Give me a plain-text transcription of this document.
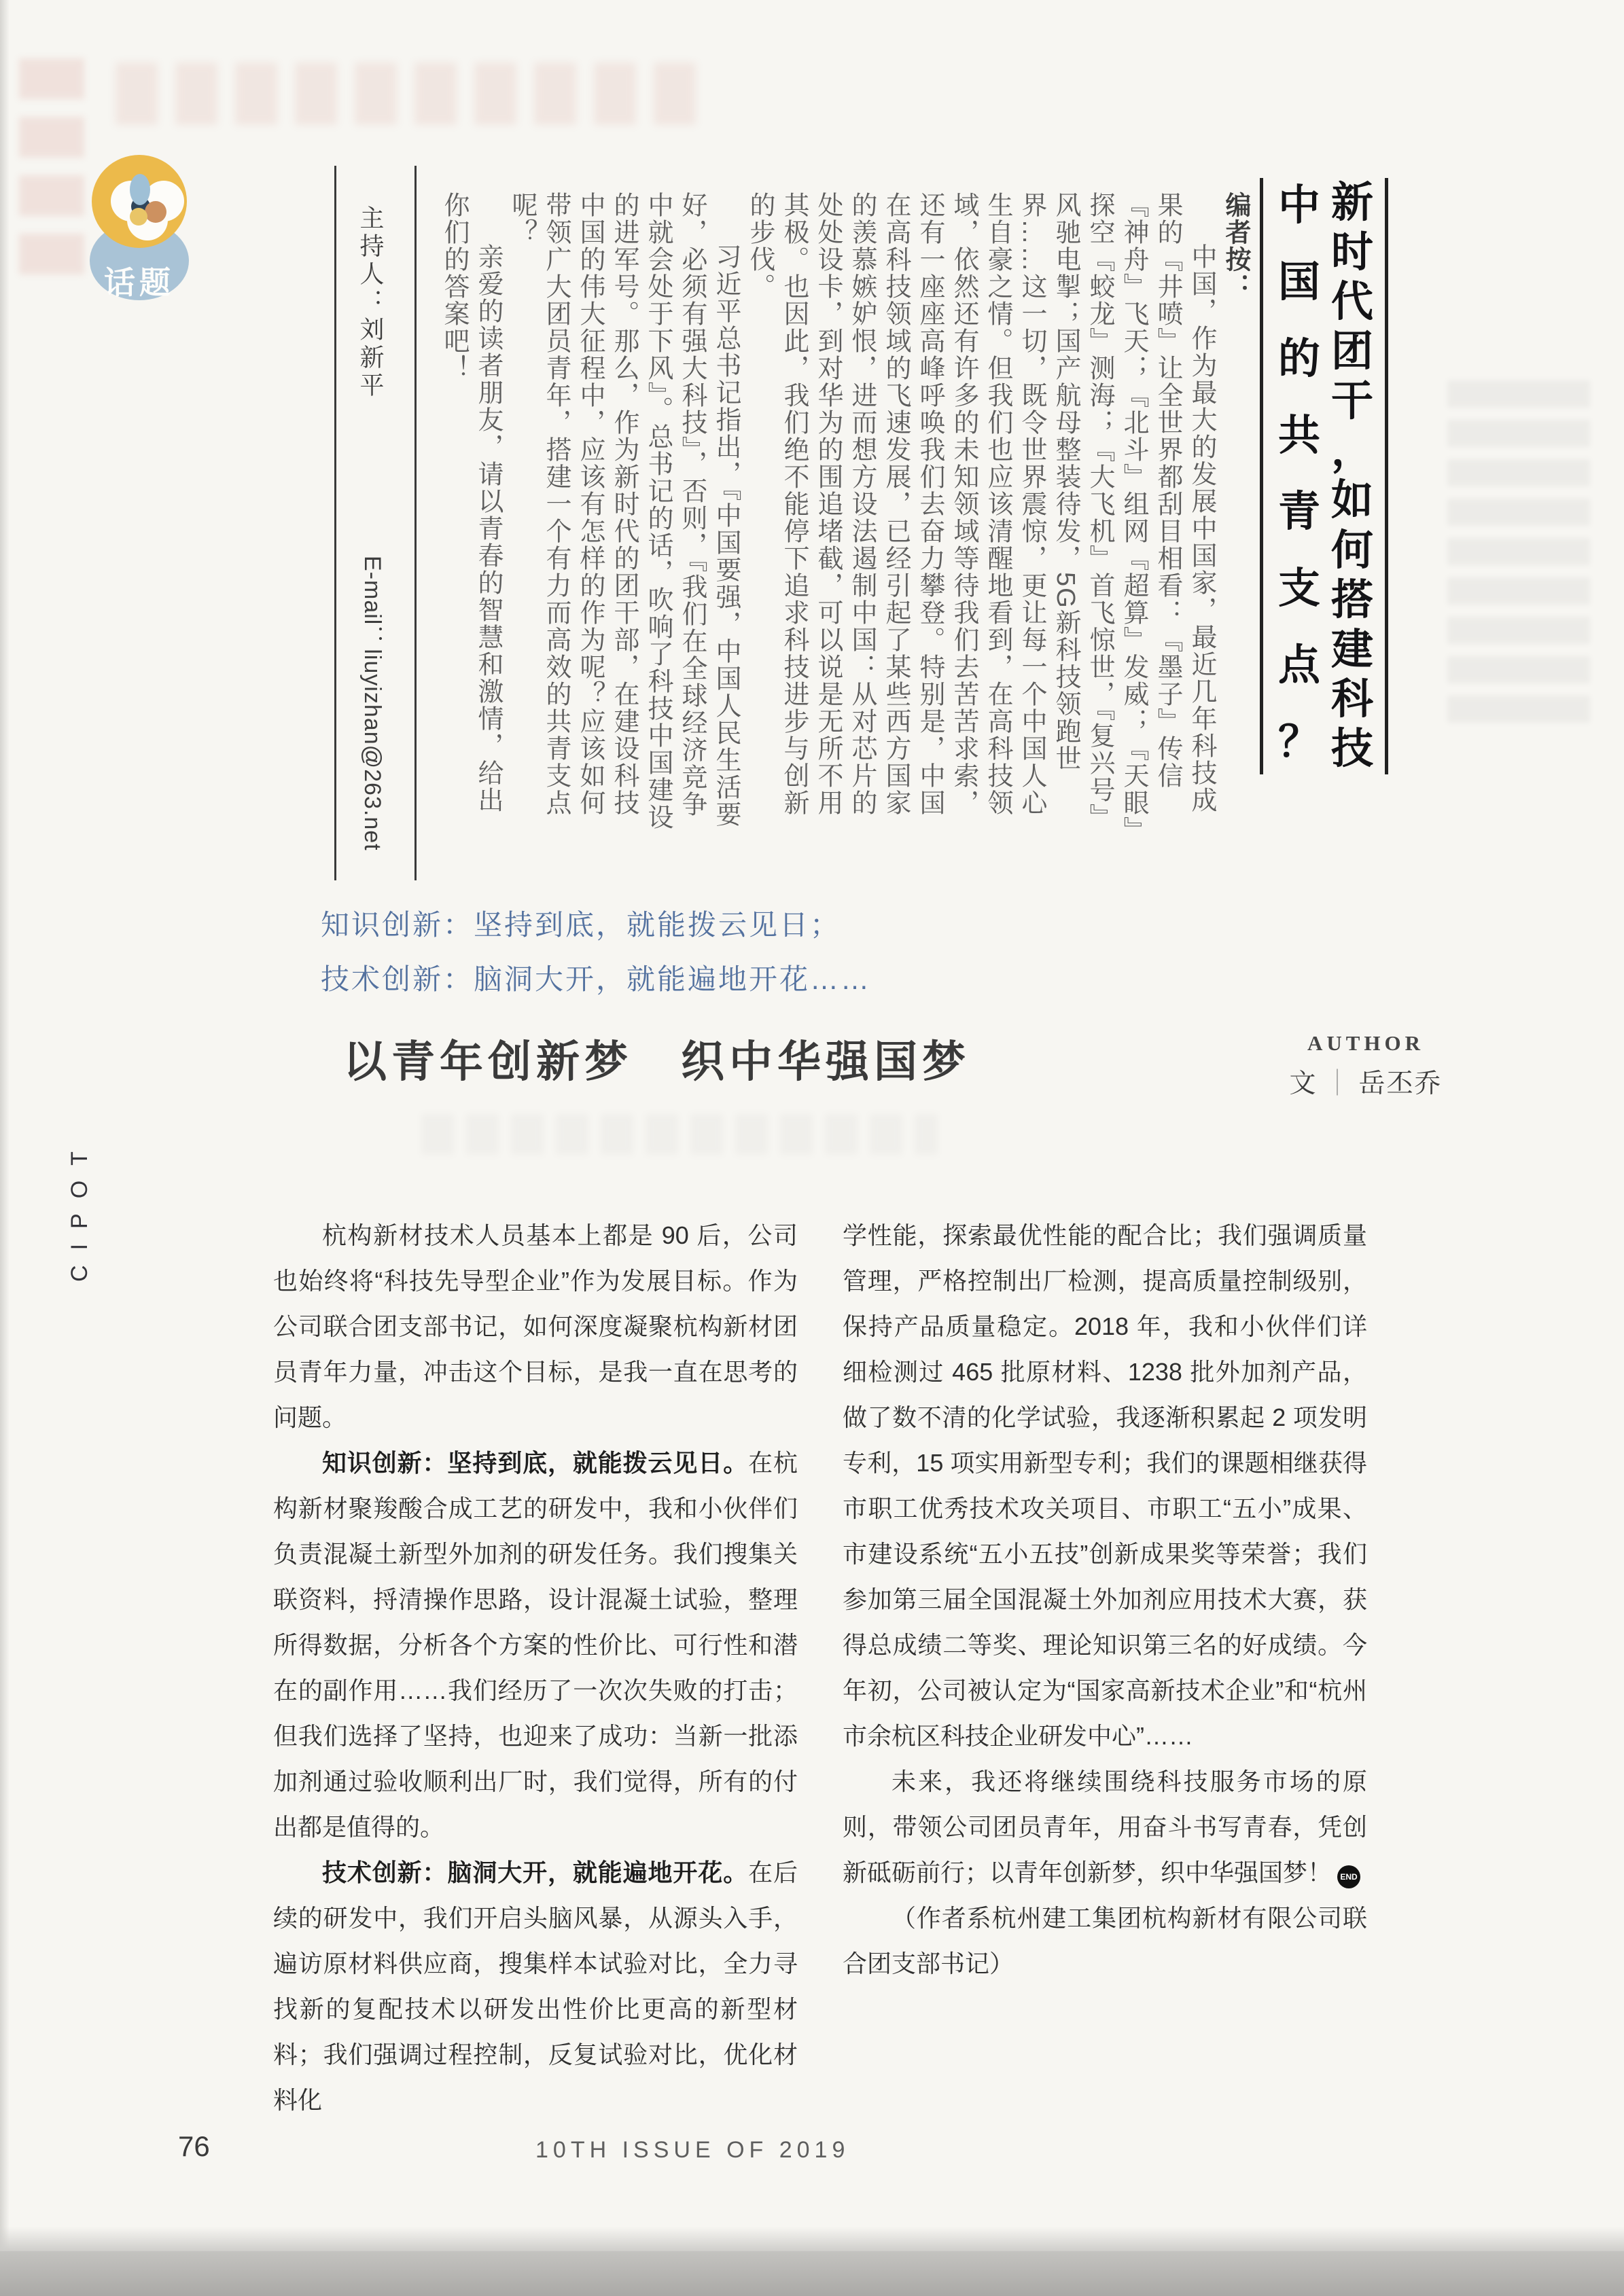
话题
新
时
代
团
干
，
如
何
搭
建
科
技
中
国
的
共
青
支
点
？

编者按：

中国，作为最大的发展中国家，最近几年科技成果的『井喷』让全世界都刮目相看：『墨子』传信『神舟』飞天；『北斗』组网『超算』发威；『天眼』探空『蛟龙』测海；『大飞机』首飞惊世，『复兴号』风驰电掣；国产航母整装待发，5G新科技领跑世界……这一切，既令世界震惊，更让每一个中国人心生自豪之情。但我们也应该清醒地看到，在高科技领域，依然还有许多的未知领域等待我们去苦苦求索，还有一座座高峰呼唤我们去奋力攀登。特别是，中国在高科技领域的飞速发展，已经引起了某些西方国家的羡慕嫉妒恨，进而想方设法遏制中国：从对芯片的处处设卡，到对华为的围追堵截，可以说是无所不用其极。也因此，我们绝不能停下追求科技进步与创新的步伐。

习近平总书记指出，『中国要强，中国人民生活要好，必须有强大科技』，否则，『我们在全球经济竞争中就会处于下风』。总书记的话，吹响了科技中国建设的进军号。那么，作为新时代的团干部，在建设科技中国的伟大征程中，应该有怎样的作为呢？应该如何带领广大团员青年，搭建一个有力而高效的共青支点呢？

亲爱的读者朋友，请以青春的智慧和激情，给出你们的答案吧！

主持人：刘新平
E-mail：liuyizhan@263.net
知识创新：坚持到底，就能拨云见日；
技术创新：脑洞大开，就能遍地开花……
以青年创新梦　织中华强国梦	AUTHOR
文 ｜ 岳丕乔

杭构新材技术人员基本上都是 90 后，公司也始终将“科技先导型企业”作为发展目标。作为公司联合团支部书记，如何深度凝聚杭构新材团员青年力量，冲击这个目标，是我一直在思考的问题。

知识创新：坚持到底，就能拨云见日。在杭构新材聚羧酸合成工艺的研发中，我和小伙伴们负责混凝土新型外加剂的研发任务。我们搜集关联资料，捋清操作思路，设计混凝土试验，整理所得数据，分析各个方案的性价比、可行性和潜在的副作用……我们经历了一次次失败的打击；但我们选择了坚持，也迎来了成功：当新一批添加剂通过验收顺利出厂时，我们觉得，所有的付出都是值得的。

技术创新：脑洞大开，就能遍地开花。在后续的研发中，我们开启头脑风暴，从源头入手，遍访原材料供应商，搜集样本试验对比，全力寻找新的复配技术以研发出性价比更高的新型材料；我们强调过程控制，反复试验对比，优化材料化

学性能，探索最优性能的配合比；我们强调质量管理，严格控制出厂检测，提高质量控制级别，保持产品质量稳定。2018 年，我和小伙伴们详细检测过 465 批原材料、1238 批外加剂产品，做了数不清的化学试验，我逐渐积累起 2 项发明专利，15 项实用新型专利；我们的课题相继获得市职工优秀技术攻关项目、市职工“五小”成果、市建设系统“五小五技”创新成果奖等荣誉；我们参加第三届全国混凝土外加剂应用技术大赛，获得总成绩二等奖、理论知识第三名的好成绩。今年初，公司被认定为“国家高新技术企业”和“杭州市余杭区科技企业研发中心”……

未来，我还将继续围绕科技服务市场的原则，带领公司团员青年，用奋斗书写青春，凭创新砥砺前行；以青年创新梦，织中华强国梦！ END

（作者系杭州建工集团杭构新材有限公司联合团支部书记）

CIPOT
76	10TH ISSUE OF 2019
